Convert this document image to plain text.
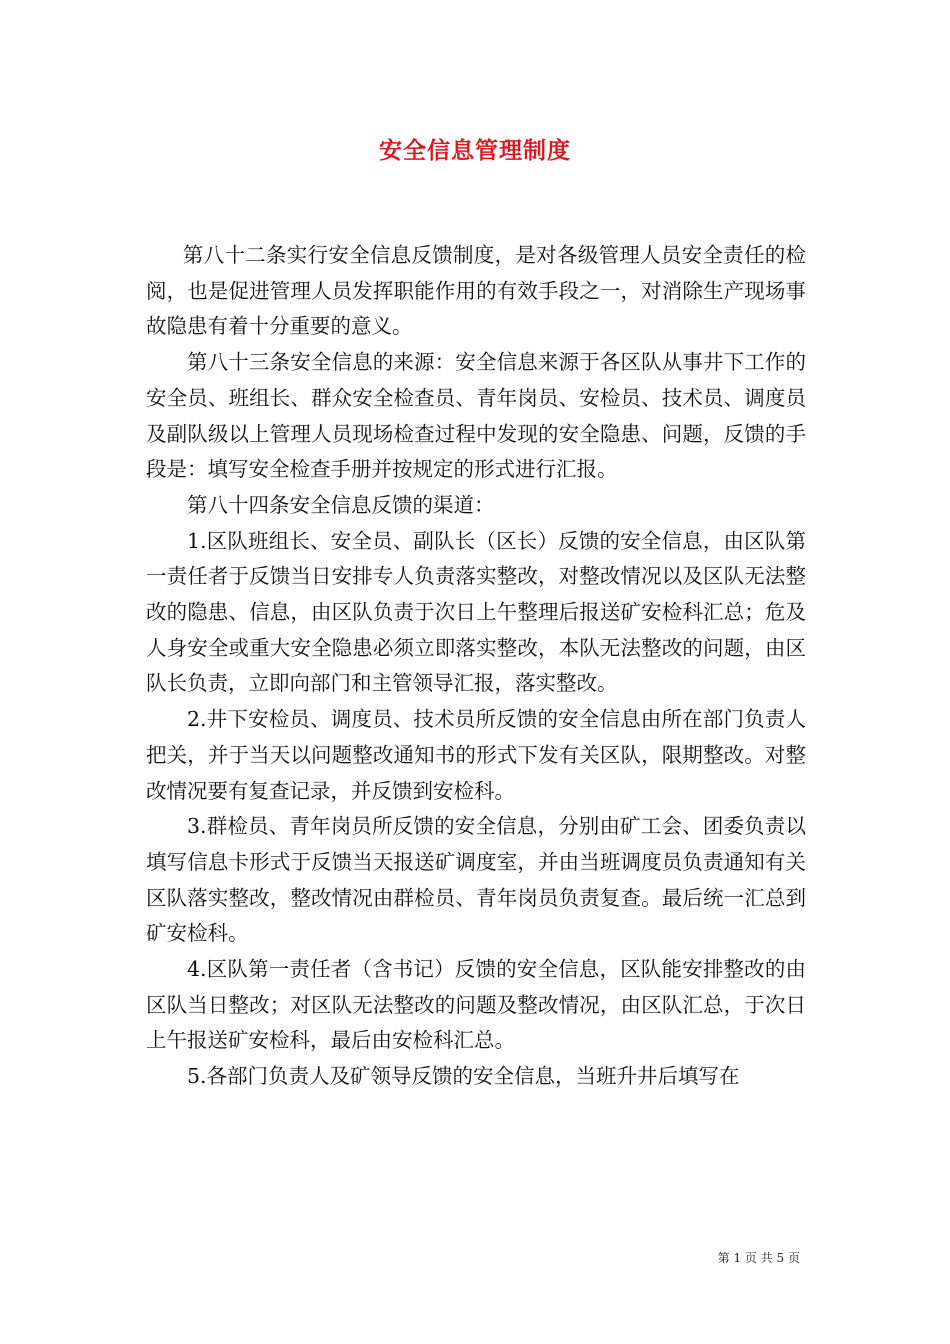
安全信息管理制度

第八十二条实行安全信息反馈制度，是对各级管理人员安全责任的检阅，也是促进管理人员发挥职能作用的有效手段之一，对消除生产现场事故隐患有着十分重要的意义。

第八十三条安全信息的来源：安全信息来源于各区队从事井下工作的安全员、班组长、群众安全检查员、青年岗员、安检员、技术员、调度员及副队级以上管理人员现场检查过程中发现的安全隐患、问题，反馈的手段是：填写安全检查手册并按规定的形式进行汇报。

第八十四条安全信息反馈的渠道：

1.区队班组长、安全员、副队长（区长）反馈的安全信息，由区队第一责任者于反馈当日安排专人负责落实整改，对整改情况以及区队无法整改的隐患、信息，由区队负责于次日上午整理后报送矿安检科汇总；危及人身安全或重大安全隐患必须立即落实整改，本队无法整改的问题，由区队长负责，立即向部门和主管领导汇报，落实整改。

2.井下安检员、调度员、技术员所反馈的安全信息由所在部门负责人把关，并于当天以问题整改通知书的形式下发有关区队，限期整改。对整改情况要有复查记录，并反馈到安检科。

3.群检员、青年岗员所反馈的安全信息，分别由矿工会、团委负责以填写信息卡形式于反馈当天报送矿调度室，并由当班调度员负责通知有关区队落实整改，整改情况由群检员、青年岗员负责复查。最后统一汇总到矿安检科。

4.区队第一责任者（含书记）反馈的安全信息，区队能安排整改的由区队当日整改；对区队无法整改的问题及整改情况，由区队汇总，于次日上午报送矿安检科，最后由安检科汇总。

5.各部门负责人及矿领导反馈的安全信息，当班升井后填写在

第 1 页 共 5 页
